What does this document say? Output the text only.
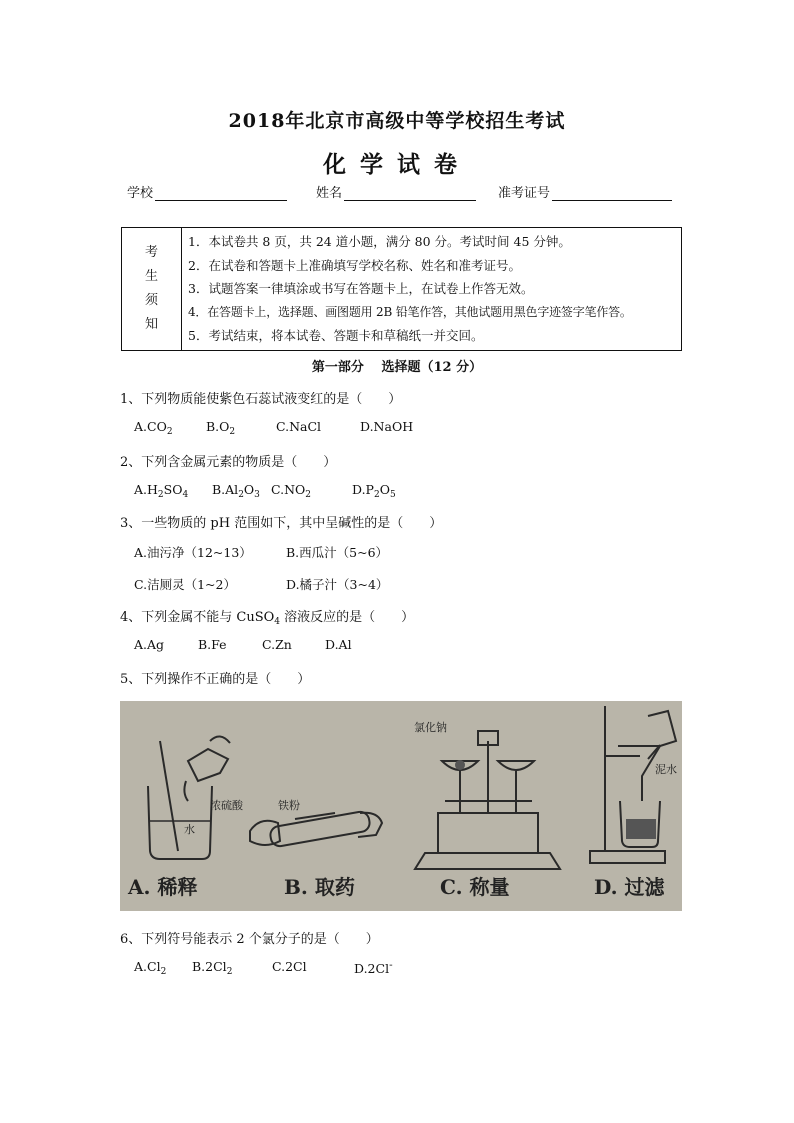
2018年北京市高级中等学校招生考试
化学试卷
学校	姓名	准考证号
考
生
须
知

1．本试卷共 8 页，共 24 道小题，满分 80 分。考试时间 45 分钟。
2．在试卷和答题卡上准确填写学校名称、姓名和准考证号。
3．试题答案一律填涂或书写在答题卡上，在试卷上作答无效。
4．在答题卡上，选择题、画图题用 2B 铅笔作答，其他试题用黑色字迹签字笔作答。
5．考试结束，将本试卷、答题卡和草稿纸一并交回。
第一部分　 选择题（12 分）
1、下列物质能使紫色石蕊试液变红的是（　　）
$A.CO_2$	$B.O_2$	C.NaCl	D.NaOH
2、下列含金属元素的物质是（　　）
$A.H_2SO_4$ $B.Al_2O_3$ $C.NO_2$	$D.P_2O_5$
3、一些物质的 pH 范围如下，其中呈碱性的是（　　）
A.油污净（12~13）	B.西瓜汁（5~6）
C.洁厕灵（1~2）	D.橘子汁（3~4）
4、下列金属不能与 CuSO$_4$ 溶液反应的是（　　）
A.Ag	B.Fe	C.Zn	D.Al
5、下列操作不正确的是（　　）
浓硫酸
水
铁粉
氯化钠
泥水
A. 稀释	B. 取药	C. 称量	D. 过滤
6、下列符号能表示 2 个氯分子的是（　　）
$A.Cl_2$ $B.2Cl_2$	C.2Cl	D.2Cl-
